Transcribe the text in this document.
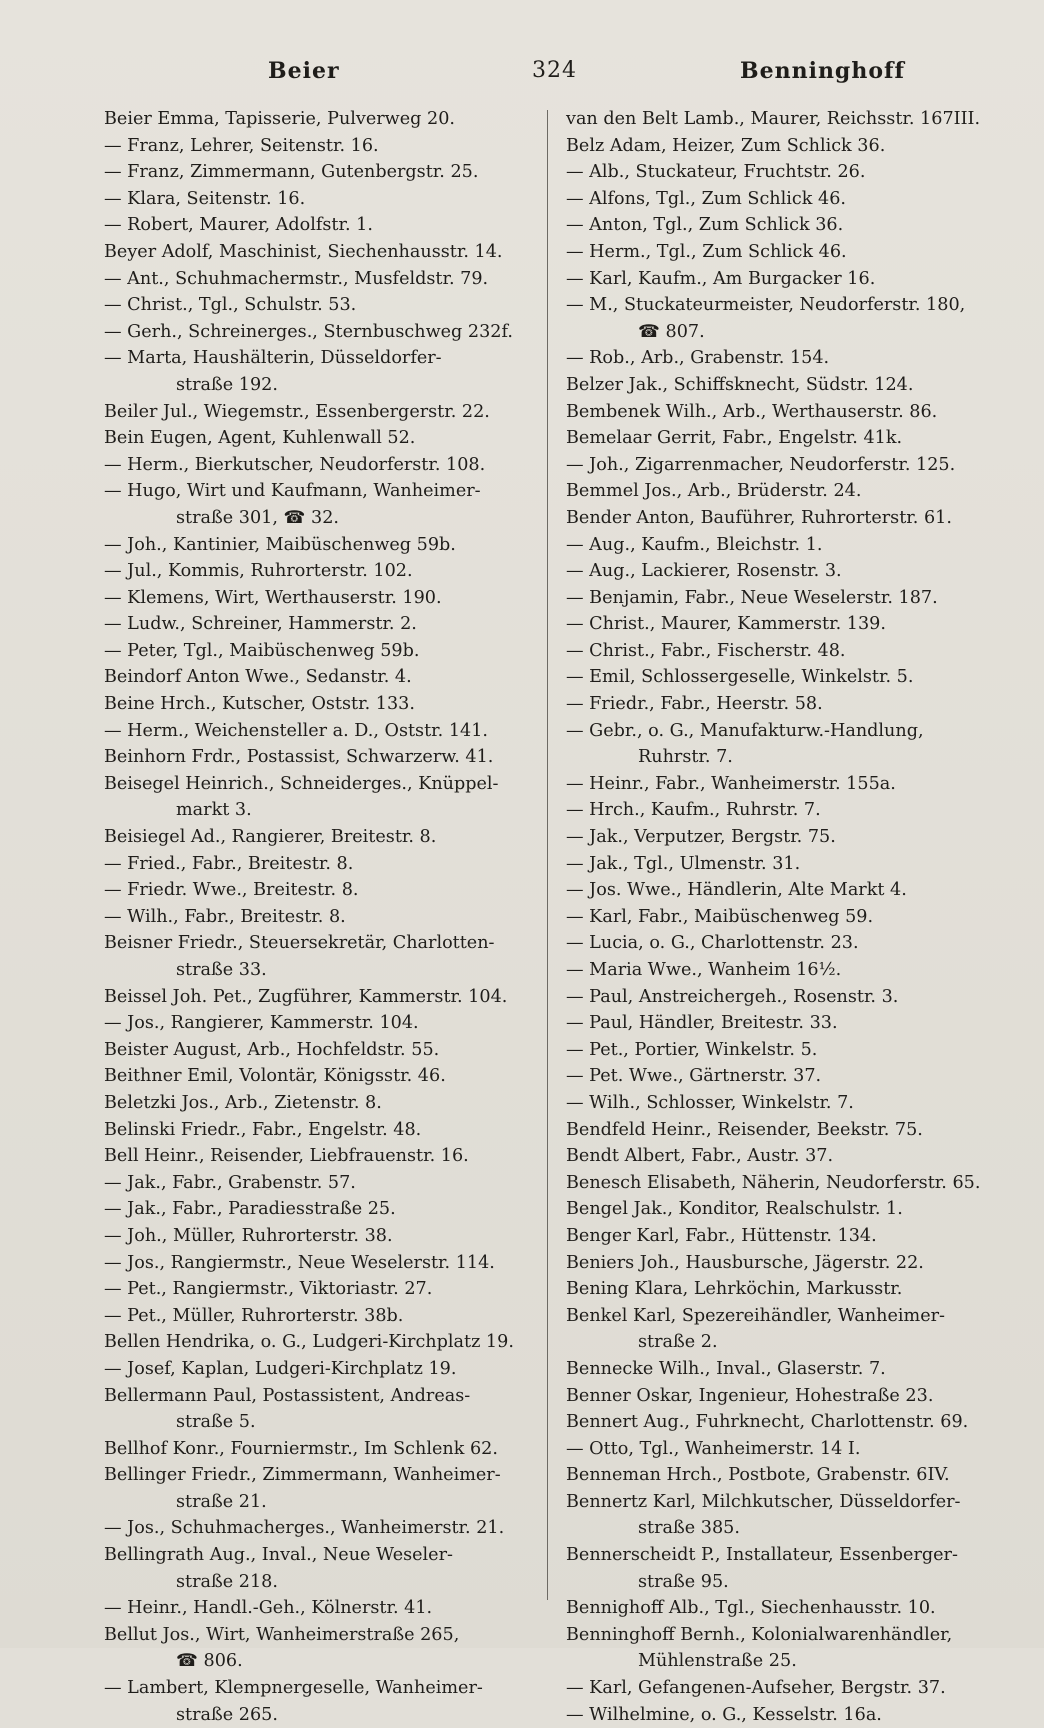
Beier	324	Benninghoff
Beier Emma, Tapisserie, Pulverweg 20.
— Franz, Lehrer, Seitenstr. 16.
— Franz, Zimmermann, Gutenbergstr. 25.
— Klara, Seitenstr. 16.
— Robert, Maurer, Adolfstr. 1.
Beyer Adolf, Maschinist, Siechenhausstr. 14.
— Ant., Schuhmachermstr., Musfeldstr. 79.
— Christ., Tgl., Schulstr. 53.
— Gerh., Schreinerges., Sternbuschweg 232f.
— Marta, Haushälterin, Düsseldorfer-
straße 192.
Beiler Jul., Wiegemstr., Essenbergerstr. 22.
Bein Eugen, Agent, Kuhlenwall 52.
— Herm., Bierkutscher, Neudorferstr. 108.
— Hugo, Wirt und Kaufmann, Wanheimer-
straße 301, ☎ 32.
— Joh., Kantinier, Maibüschenweg 59b.
— Jul., Kommis, Ruhrorterstr. 102.
— Klemens, Wirt, Werthauserstr. 190.
— Ludw., Schreiner, Hammerstr. 2.
— Peter, Tgl., Maibüschenweg 59b.
Beindorf Anton Wwe., Sedanstr. 4.
Beine Hrch., Kutscher, Oststr. 133.
— Herm., Weichensteller a. D., Oststr. 141.
Beinhorn Frdr., Postassist, Schwarzerw. 41.
Beisegel Heinrich., Schneiderges., Knüppel-
markt 3.
Beisiegel Ad., Rangierer, Breitestr. 8.
— Fried., Fabr., Breitestr. 8.
— Friedr. Wwe., Breitestr. 8.
— Wilh., Fabr., Breitestr. 8.
Beisner Friedr., Steuersekretär, Charlotten-
straße 33.
Beissel Joh. Pet., Zugführer, Kammerstr. 104.
— Jos., Rangierer, Kammerstr. 104.
Beister August, Arb., Hochfeldstr. 55.
Beithner Emil, Volontär, Königsstr. 46.
Beletzki Jos., Arb., Zietenstr. 8.
Belinski Friedr., Fabr., Engelstr. 48.
Bell Heinr., Reisender, Liebfrauenstr. 16.
— Jak., Fabr., Grabenstr. 57.
— Jak., Fabr., Paradiesstraße 25.
— Joh., Müller, Ruhrorterstr. 38.
— Jos., Rangiermstr., Neue Weselerstr. 114.
— Pet., Rangiermstr., Viktoriastr. 27.
— Pet., Müller, Ruhrorterstr. 38b.
Bellen Hendrika, o. G., Ludgeri-Kirchplatz 19.
— Josef, Kaplan, Ludgeri-Kirchplatz 19.
Bellermann Paul, Postassistent, Andreas-
straße 5.
Bellhof Konr., Fourniermstr., Im Schlenk 62.
Bellinger Friedr., Zimmermann, Wanheimer-
straße 21.
— Jos., Schuhmacherges., Wanheimerstr. 21.
Bellingrath Aug., Inval., Neue Weseler-
straße 218.
— Heinr., Handl.-Geh., Kölnerstr. 41.
Bellut Jos., Wirt, Wanheimerstraße 265,
☎ 806.
— Lambert, Klempnergeselle, Wanheimer-
straße 265.
van den Belt Lamb., Maurer, Reichsstr. 167III.
Belz Adam, Heizer, Zum Schlick 36.
— Alb., Stuckateur, Fruchtstr. 26.
— Alfons, Tgl., Zum Schlick 46.
— Anton, Tgl., Zum Schlick 36.
— Herm., Tgl., Zum Schlick 46.
— Karl, Kaufm., Am Burgacker 16.
— M., Stuckateurmeister, Neudorferstr. 180,
☎ 807.
— Rob., Arb., Grabenstr. 154.
Belzer Jak., Schiffsknecht, Südstr. 124.
Bembenek Wilh., Arb., Werthauserstr. 86.
Bemelaar Gerrit, Fabr., Engelstr. 41k.
— Joh., Zigarrenmacher, Neudorferstr. 125.
Bemmel Jos., Arb., Brüderstr. 24.
Bender Anton, Bauführer, Ruhrorterstr. 61.
— Aug., Kaufm., Bleichstr. 1.
— Aug., Lackierer, Rosenstr. 3.
— Benjamin, Fabr., Neue Weselerstr. 187.
— Christ., Maurer, Kammerstr. 139.
— Christ., Fabr., Fischerstr. 48.
— Emil, Schlossergeselle, Winkelstr. 5.
— Friedr., Fabr., Heerstr. 58.
— Gebr., o. G., Manufakturw.-Handlung,
Ruhrstr. 7.
— Heinr., Fabr., Wanheimerstr. 155a.
— Hrch., Kaufm., Ruhrstr. 7.
— Jak., Verputzer, Bergstr. 75.
— Jak., Tgl., Ulmenstr. 31.
— Jos. Wwe., Händlerin, Alte Markt 4.
— Karl, Fabr., Maibüschenweg 59.
— Lucia, o. G., Charlottenstr. 23.
— Maria Wwe., Wanheim 16½.
— Paul, Anstreichergeh., Rosenstr. 3.
— Paul, Händler, Breitestr. 33.
— Pet., Portier, Winkelstr. 5.
— Pet. Wwe., Gärtnerstr. 37.
— Wilh., Schlosser, Winkelstr. 7.
Bendfeld Heinr., Reisender, Beekstr. 75.
Bendt Albert, Fabr., Austr. 37.
Benesch Elisabeth, Näherin, Neudorferstr. 65.
Bengel Jak., Konditor, Realschulstr. 1.
Benger Karl, Fabr., Hüttenstr. 134.
Beniers Joh., Hausbursche, Jägerstr. 22.
Bening Klara, Lehrköchin, Markusstr.
Benkel Karl, Spezereihändler, Wanheimer-
straße 2.
Bennecke Wilh., Inval., Glaserstr. 7.
Benner Oskar, Ingenieur, Hohestraße 23.
Bennert Aug., Fuhrknecht, Charlottenstr. 69.
— Otto, Tgl., Wanheimerstr. 14 I.
Benneman Hrch., Postbote, Grabenstr. 6IV.
Bennertz Karl, Milchkutscher, Düsseldorfer-
straße 385.
Bennerscheidt P., Installateur, Essenberger-
straße 95.
Bennighoff Alb., Tgl., Siechenhausstr. 10.
Benninghoff Bernh., Kolonialwarenhändler,
Mühlenstraße 25.
— Karl, Gefangenen-Aufseher, Bergstr. 37.
— Wilhelmine, o. G., Kesselstr. 16a.
